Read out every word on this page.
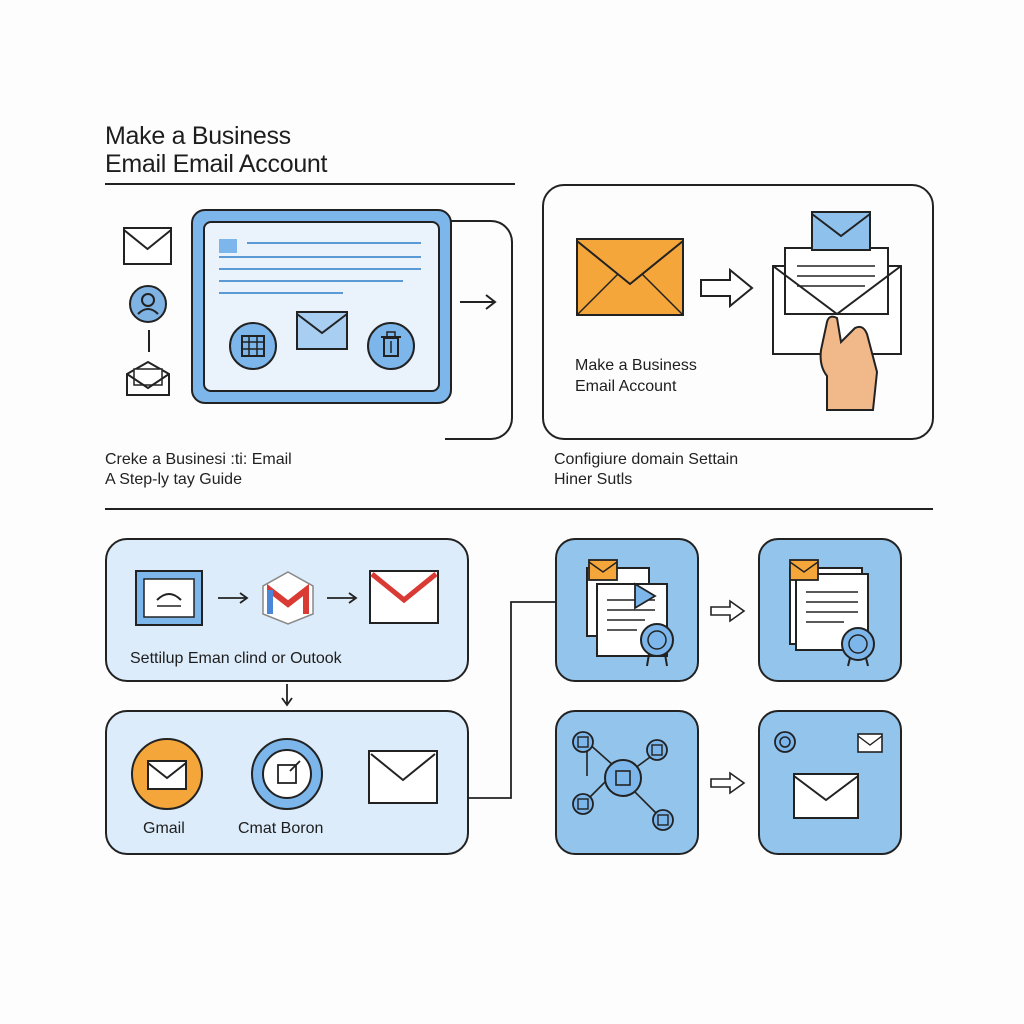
Make a Business
Email Email Account
Creke a Businesi :ti: Email
A Step-ly tay Guide
Make a Business
Email Account
Configiure domain Settain
Hiner Sutls
Settilup Eman clind or Outook
Gmail	Cmat Boron
